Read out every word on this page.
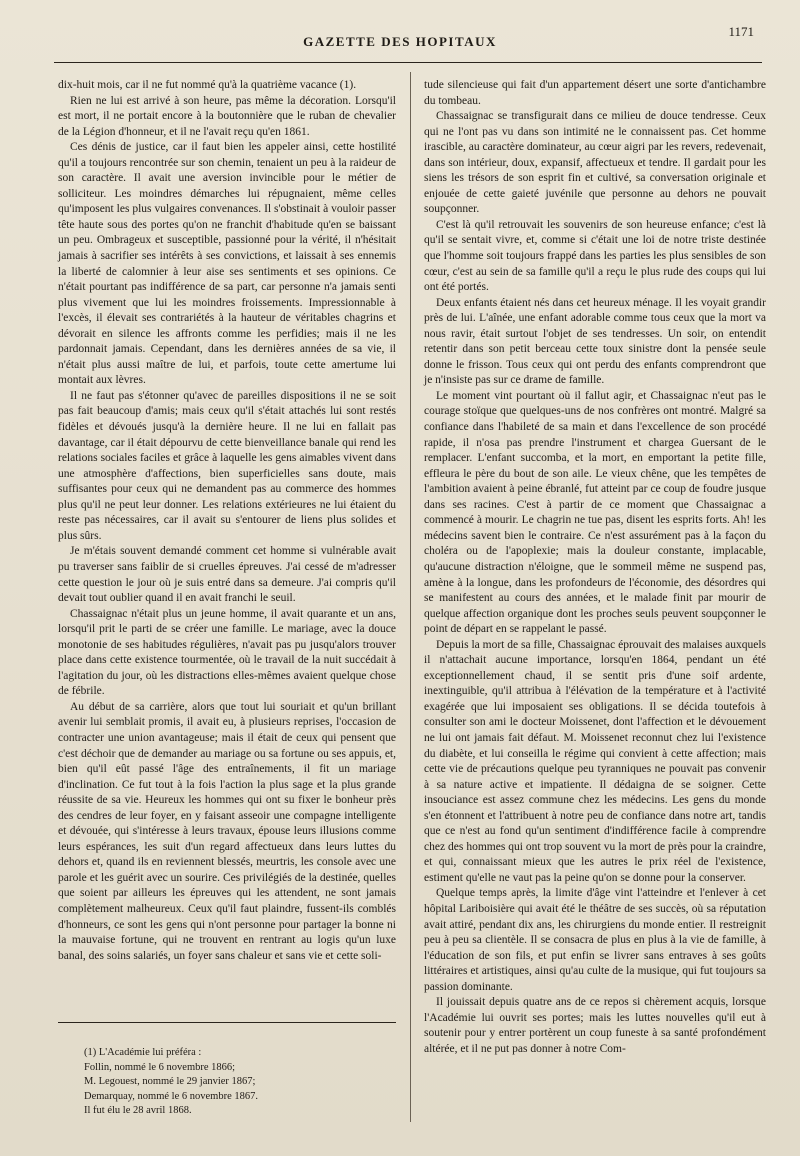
GAZETTE DES HOPITAUX
1171

dix-huit mois, car il ne fut nommé qu'à la quatrième vacance (1).

Rien ne lui est arrivé à son heure, pas même la décoration. Lorsqu'il est mort, il ne portait encore à la boutonnière que le ruban de chevalier de la Légion d'honneur, et il ne l'avait reçu qu'en 1861.

Ces dénis de justice, car il faut bien les appeler ainsi, cette hostilité qu'il a toujours rencontrée sur son chemin, tenaient un peu à la raideur de son caractère. Il avait une aversion invincible pour le métier de solliciteur. Les moindres démarches lui répugnaient, même celles qu'imposent les plus vulgaires convenances. Il s'obstinait à vouloir passer tête haute sous des portes qu'on ne franchit d'habitude qu'en se baissant un peu. Ombrageux et susceptible, passionné pour la vérité, il n'hésitait jamais à sacrifier ses intérêts à ses convictions, et laissait à ses ennemis la liberté de calomnier à leur aise ses sentiments et ses opinions. Ce n'était pourtant pas indifférence de sa part, car personne n'a jamais senti plus vivement que lui les moindres froissements. Impressionnable à l'excès, il élevait ses contrariétés à la hauteur de véritables chagrins et dévorait en silence les affronts comme les perfidies; mais il ne les pardonnait jamais. Cependant, dans les dernières années de sa vie, il n'était plus aussi maître de lui, et parfois, toute cette amertume lui montait aux lèvres.

Il ne faut pas s'étonner qu'avec de pareilles dispositions il ne se soit pas fait beaucoup d'amis; mais ceux qu'il s'était attachés lui sont restés fidèles et dévoués jusqu'à la dernière heure. Il ne lui en fallait pas davantage, car il était dépourvu de cette bienveillance banale qui rend les relations sociales faciles et grâce à laquelle les gens aimables vivent dans une atmosphère d'affections, bien superficielles sans doute, mais suffisantes pour ceux qui ne demandent pas au commerce des hommes plus qu'il ne peut leur donner. Les relations extérieures ne lui étaient du reste pas nécessaires, car il avait su s'entourer de liens plus solides et plus sûrs.

Je m'étais souvent demandé comment cet homme si vulnérable avait pu traverser sans faiblir de si cruelles épreuves. J'ai cessé de m'adresser cette question le jour où je suis entré dans sa demeure. J'ai compris qu'il devait tout oublier quand il en avait franchi le seuil.

Chassaignac n'était plus un jeune homme, il avait quarante et un ans, lorsqu'il prit le parti de se créer une famille. Le mariage, avec la douce monotonie de ses habitudes régulières, n'avait pas pu jusqu'alors trouver place dans cette existence tourmentée, où le travail de la nuit succédait à l'agitation du jour, où les distractions elles-mêmes avaient quelque chose de fébrile.

Au début de sa carrière, alors que tout lui souriait et qu'un brillant avenir lui semblait promis, il avait eu, à plusieurs reprises, l'occasion de contracter une union avantageuse; mais il était de ceux qui pensent que c'est déchoir que de demander au mariage ou sa fortune ou ses appuis, et, bien qu'il eût passé l'âge des entraînements, il fit un mariage d'inclination. Ce fut tout à la fois l'action la plus sage et la plus grande réussite de sa vie. Heureux les hommes qui ont su fixer le bonheur près des cendres de leur foyer, en y faisant asseoir une compagne intelligente et dévouée, qui s'intéresse à leurs travaux, épouse leurs illusions comme leurs espérances, les suit d'un regard affectueux dans leurs luttes du dehors et, quand ils en reviennent blessés, meurtris, les console avec une parole et les guérit avec un sourire. Ces privilégiés de la destinée, quelles que soient par ailleurs les épreuves qui les attendent, ne sont jamais complètement malheureux. Ceux qu'il faut plaindre, fussent-ils comblés d'honneurs, ce sont les gens qui n'ont personne pour partager la bonne ni la mauvaise fortune, qui ne trouvent en rentrant au logis qu'un luxe banal, des soins salariés, un foyer sans chaleur et sans vie et cette soli-

(1) L'Académie lui préféra :
Follin, nommé le 6 novembre 1866;
M. Legouest, nommé le 29 janvier 1867;
Demarquay, nommé le 6 novembre 1867.
Il fut élu le 28 avril 1868.

tude silencieuse qui fait d'un appartement désert une sorte d'antichambre du tombeau.

Chassaignac se transfigurait dans ce milieu de douce tendresse. Ceux qui ne l'ont pas vu dans son intimité ne le connaissent pas. Cet homme irascible, au caractère dominateur, au cœur aigri par les revers, redevenait, dans son intérieur, doux, expansif, affectueux et tendre. Il gardait pour les siens les trésors de son esprit fin et cultivé, sa conversation originale et enjouée de cette gaieté juvénile que personne au dehors ne pouvait soupçonner.

C'est là qu'il retrouvait les souvenirs de son heureuse enfance; c'est là qu'il se sentait vivre, et, comme si c'était une loi de notre triste destinée que l'homme soit toujours frappé dans les parties les plus sensibles de son cœur, c'est au sein de sa famille qu'il a reçu le plus rude des coups qui lui ont été portés.

Deux enfants étaient nés dans cet heureux ménage. Il les voyait grandir près de lui. L'aînée, une enfant adorable comme tous ceux que la mort va nous ravir, était surtout l'objet de ses tendresses. Un soir, on entendit retentir dans son petit berceau cette toux sinistre dont la pensée seule donne le frisson. Tous ceux qui ont perdu des enfants comprendront que je n'insiste pas sur ce drame de famille.

Le moment vint pourtant où il fallut agir, et Chassaignac n'eut pas le courage stoïque que quelques-uns de nos confrères ont montré. Malgré sa confiance dans l'habileté de sa main et dans l'excellence de son procédé rapide, il n'osa pas prendre l'instrument et chargea Guersant de le remplacer. L'enfant succomba, et la mort, en emportant la petite fille, effleura le père du bout de son aile. Le vieux chêne, que les tempêtes de l'ambition avaient à peine ébranlé, fut atteint par ce coup de foudre jusque dans ses racines. C'est à partir de ce moment que Chassaignac a commencé à mourir. Le chagrin ne tue pas, disent les esprits forts. Ah! les médecins savent bien le contraire. Ce n'est assurément pas à la façon du choléra ou de l'apoplexie; mais la douleur constante, implacable, qu'aucune distraction n'éloigne, que le sommeil même ne suspend pas, amène à la longue, dans les profondeurs de l'économie, des désordres qui se manifestent au cours des années, et le malade finit par mourir de quelque affection organique dont les proches seuls peuvent soupçonner le point de départ en se rappelant le passé.

Depuis la mort de sa fille, Chassaignac éprouvait des malaises auxquels il n'attachait aucune importance, lorsqu'en 1864, pendant un été exceptionnellement chaud, il se sentit pris d'une soif ardente, inextinguible, qu'il attribua à l'élévation de la température et à l'activité exagérée que lui imposaient ses obligations. Il se décida toutefois à consulter son ami le docteur Moissenet, dont l'affection et le dévouement ne lui ont jamais fait défaut. M. Moissenet reconnut chez lui l'existence du diabète, et lui conseilla le régime qui convient à cette affection; mais cette vie de précautions quelque peu tyranniques ne pouvait pas convenir à sa nature active et impatiente. Il dédaigna de se soigner. Cette insouciance est assez commune chez les médecins. Les gens du monde s'en étonnent et l'attribuent à notre peu de confiance dans notre art, tandis que ce n'est au fond qu'un sentiment d'indifférence facile à comprendre chez des hommes qui ont trop souvent vu la mort de près pour la craindre, et qui, connaissant mieux que les autres le prix réel de l'existence, estiment qu'elle ne vaut pas la peine qu'on se donne pour la conserver.

Quelque temps après, la limite d'âge vint l'atteindre et l'enlever à cet hôpital Lariboisière qui avait été le théâtre de ses succès, où sa réputation avait attiré, pendant dix ans, les chirurgiens du monde entier. Il restreignit peu à peu sa clientèle. Il se consacra de plus en plus à la vie de famille, à l'éducation de son fils, et put enfin se livrer sans entraves à ses goûts littéraires et artistiques, ainsi qu'au culte de la musique, qui fut toujours sa passion dominante.

Il jouissait depuis quatre ans de ce repos si chèrement acquis, lorsque l'Académie lui ouvrit ses portes; mais les luttes nouvelles qu'il eut à soutenir pour y entrer portèrent un coup funeste à sa santé profondément altérée, et il ne put pas donner à notre Com-
